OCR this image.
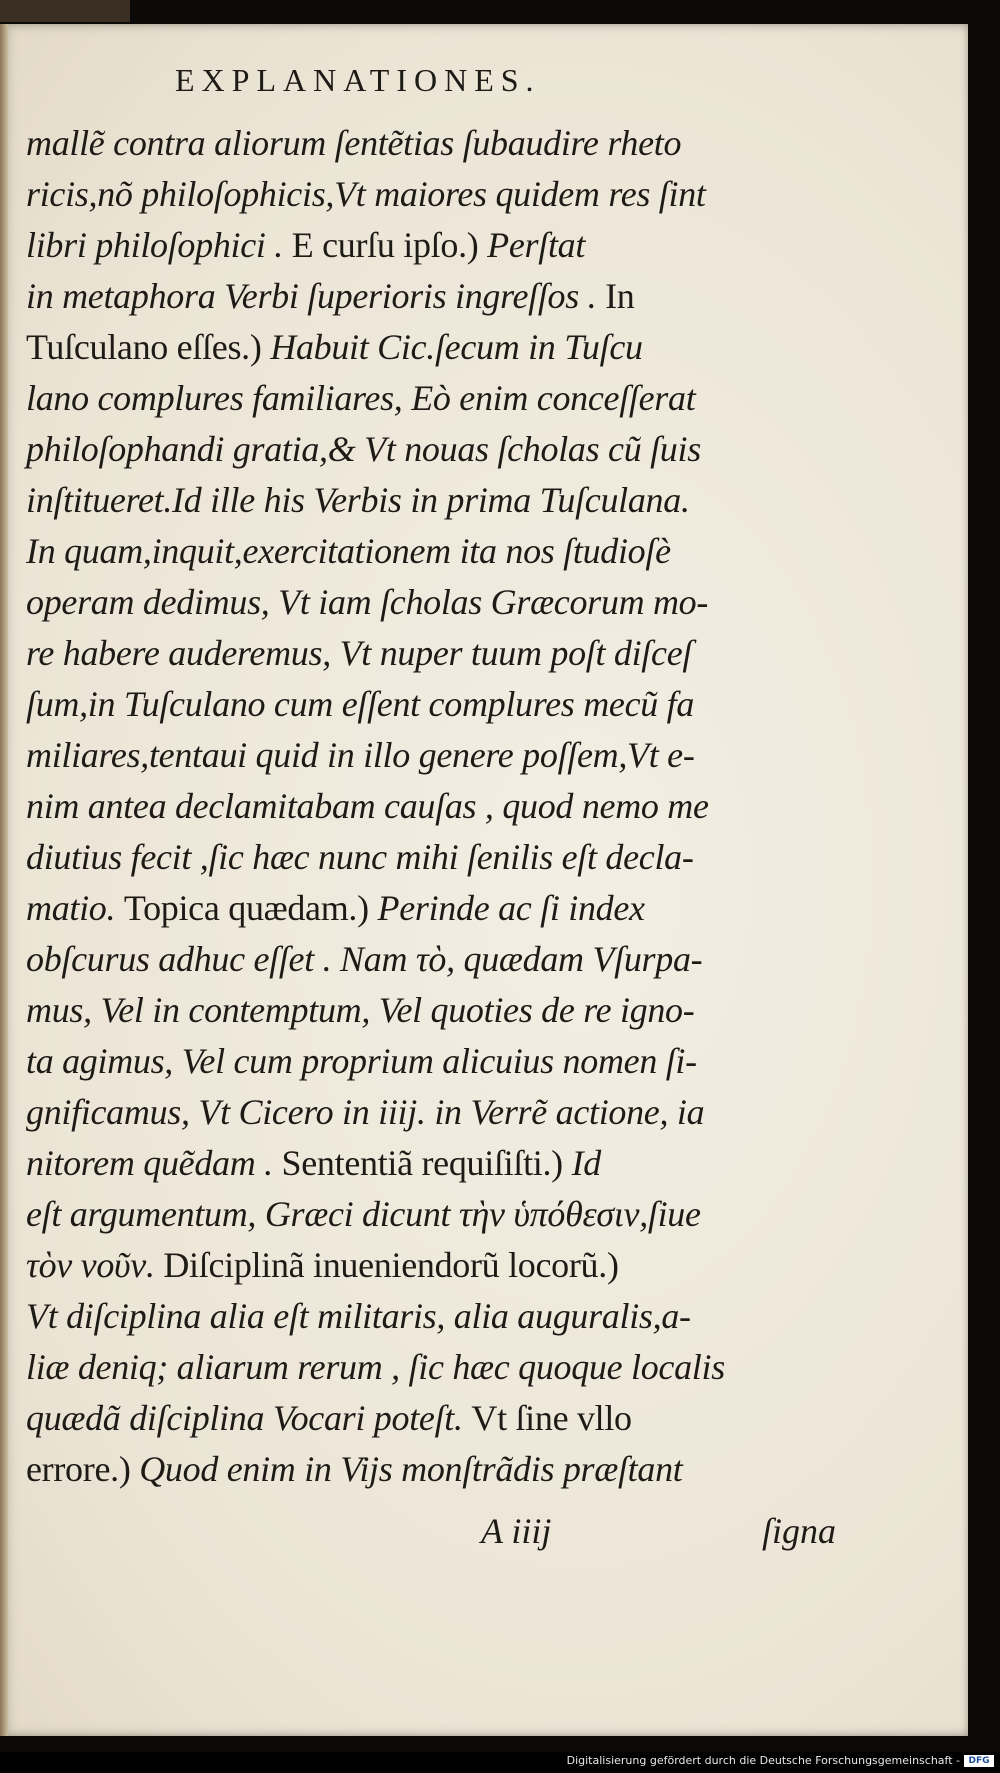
EXPLANATIONES.
mallẽ contra aliorum ſentẽtias ſubaudire rheto
ricis,nõ philoſophicis,Vt maiores quidem res ſint
libri philoſophici . E curſu ipſo.) Perſtat
in metaphora Verbi ſuperioris ingreſſos . In
Tuſculano eſſes.) Habuit Cic.ſecum in Tuſcu
lano complures familiares, Eò enim conceſſerat
philoſophandi gratia,& Vt nouas ſcholas cũ ſuis
inſtitueret.Id ille his Verbis in prima Tuſculana.
In quam,inquit,exercitationem ita nos ſtudioſè
operam dedimus, Vt iam ſcholas Græcorum mo-
re habere auderemus, Vt nuper tuum poſt diſceſ
ſum,in Tuſculano cum eſſent complures mecũ fa
miliares,tentaui quid in illo genere poſſem,Vt e-
nim antea declamitabam cauſas , quod nemo me
diutius fecit ,ſic hæc nunc mihi ſenilis eſt decla-
matio. Topica quædam.) Perinde ac ſi index
obſcurus adhuc eſſet . Nam τὸ, quædam Vſurpa-
mus, Vel in contemptum, Vel quoties de re igno-
ta agimus, Vel cum proprium alicuius nomen ſi-
gnificamus, Vt Cicero in iiij. in Verrẽ actione, ia
nitorem quẽdam . Sententiã requiſiſti.) Id
eſt argumentum, Græci dicunt τὴν ὑπόθεσιν,ſiue
τὸν νοῦν. Diſciplinã inueniendorũ locorũ.)
Vt diſciplina alia eſt militaris, alia auguralis,a-
liæ deniq; aliarum rerum , ſic hæc quoque localis
quædã diſciplina Vocari poteſt. Vt ſine vllo
errore.) Quod enim in Vijs monſtrãdis præſtant
A iiij	ſigna
Digitalisierung gefördert durch die Deutsche Forschungsgemeinschaft - DFG
